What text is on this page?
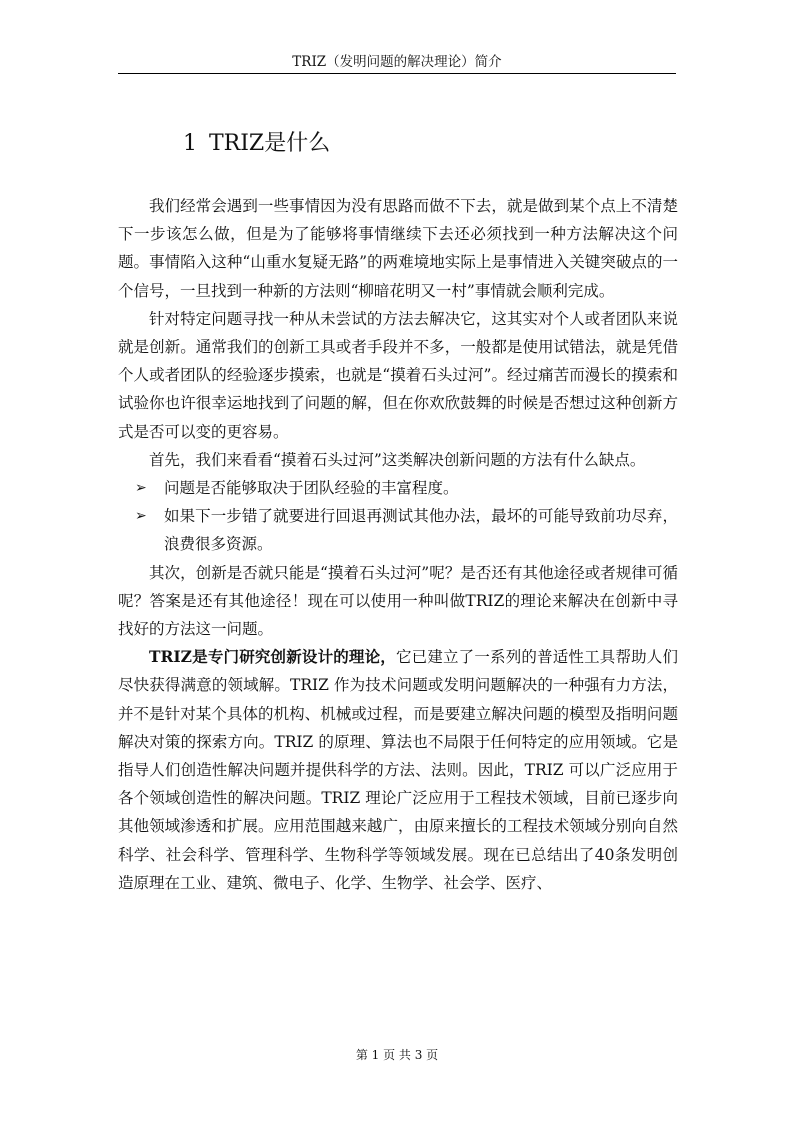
TRIZ（发明问题的解决理论）简介
1 TRIZ是什么

我们经常会遇到一些事情因为没有思路而做不下去，就是做到某个点上不清楚下一步该怎么做，但是为了能够将事情继续下去还必须找到一种方法解决这个问题。事情陷入这种“山重水复疑无路”的两难境地实际上是事情进入关键突破点的一个信号，一旦找到一种新的方法则“柳暗花明又一村”事情就会顺利完成。

针对特定问题寻找一种从未尝试的方法去解决它，这其实对个人或者团队来说就是创新。通常我们的创新工具或者手段并不多，一般都是使用试错法，就是凭借个人或者团队的经验逐步摸索，也就是“摸着石头过河”。经过痛苦而漫长的摸索和试验你也许很幸运地找到了问题的解，但在你欢欣鼓舞的时候是否想过这种创新方式是否可以变的更容易。

首先，我们来看看“摸着石头过河”这类解决创新问题的方法有什么缺点。

➢ 问题是否能够取决于团队经验的丰富程度。
➢ 如果下一步错了就要进行回退再测试其他办法，最坏的可能导致前功尽弃，浪费很多资源。

其次，创新是否就只能是“摸着石头过河”呢？是否还有其他途径或者规律可循呢？答案是还有其他途径！现在可以使用一种叫做TRIZ的理论来解决在创新中寻找好的方法这一问题。

TRIZ是专门研究创新设计的理论，它已建立了一系列的普适性工具帮助人们尽快获得满意的领域解。TRIZ 作为技术问题或发明问题解决的一种强有力方法，并不是针对某个具体的机构、机械或过程，而是要建立解决问题的模型及指明问题解决对策的探索方向。TRIZ 的原理、算法也不局限于任何特定的应用领域。它是指导人们创造性解决问题并提供科学的方法、法则。因此，TRIZ 可以广泛应用于各个领域创造性的解决问题。TRIZ 理论广泛应用于工程技术领域，目前已逐步向其他领域渗透和扩展。应用范围越来越广，由原来擅长的工程技术领域分别向自然科学、社会科学、管理科学、生物科学等领域发展。现在已总结出了40条发明创造原理在工业、建筑、微电子、化学、生物学、社会学、医疗、

第 1 页 共 3 页
